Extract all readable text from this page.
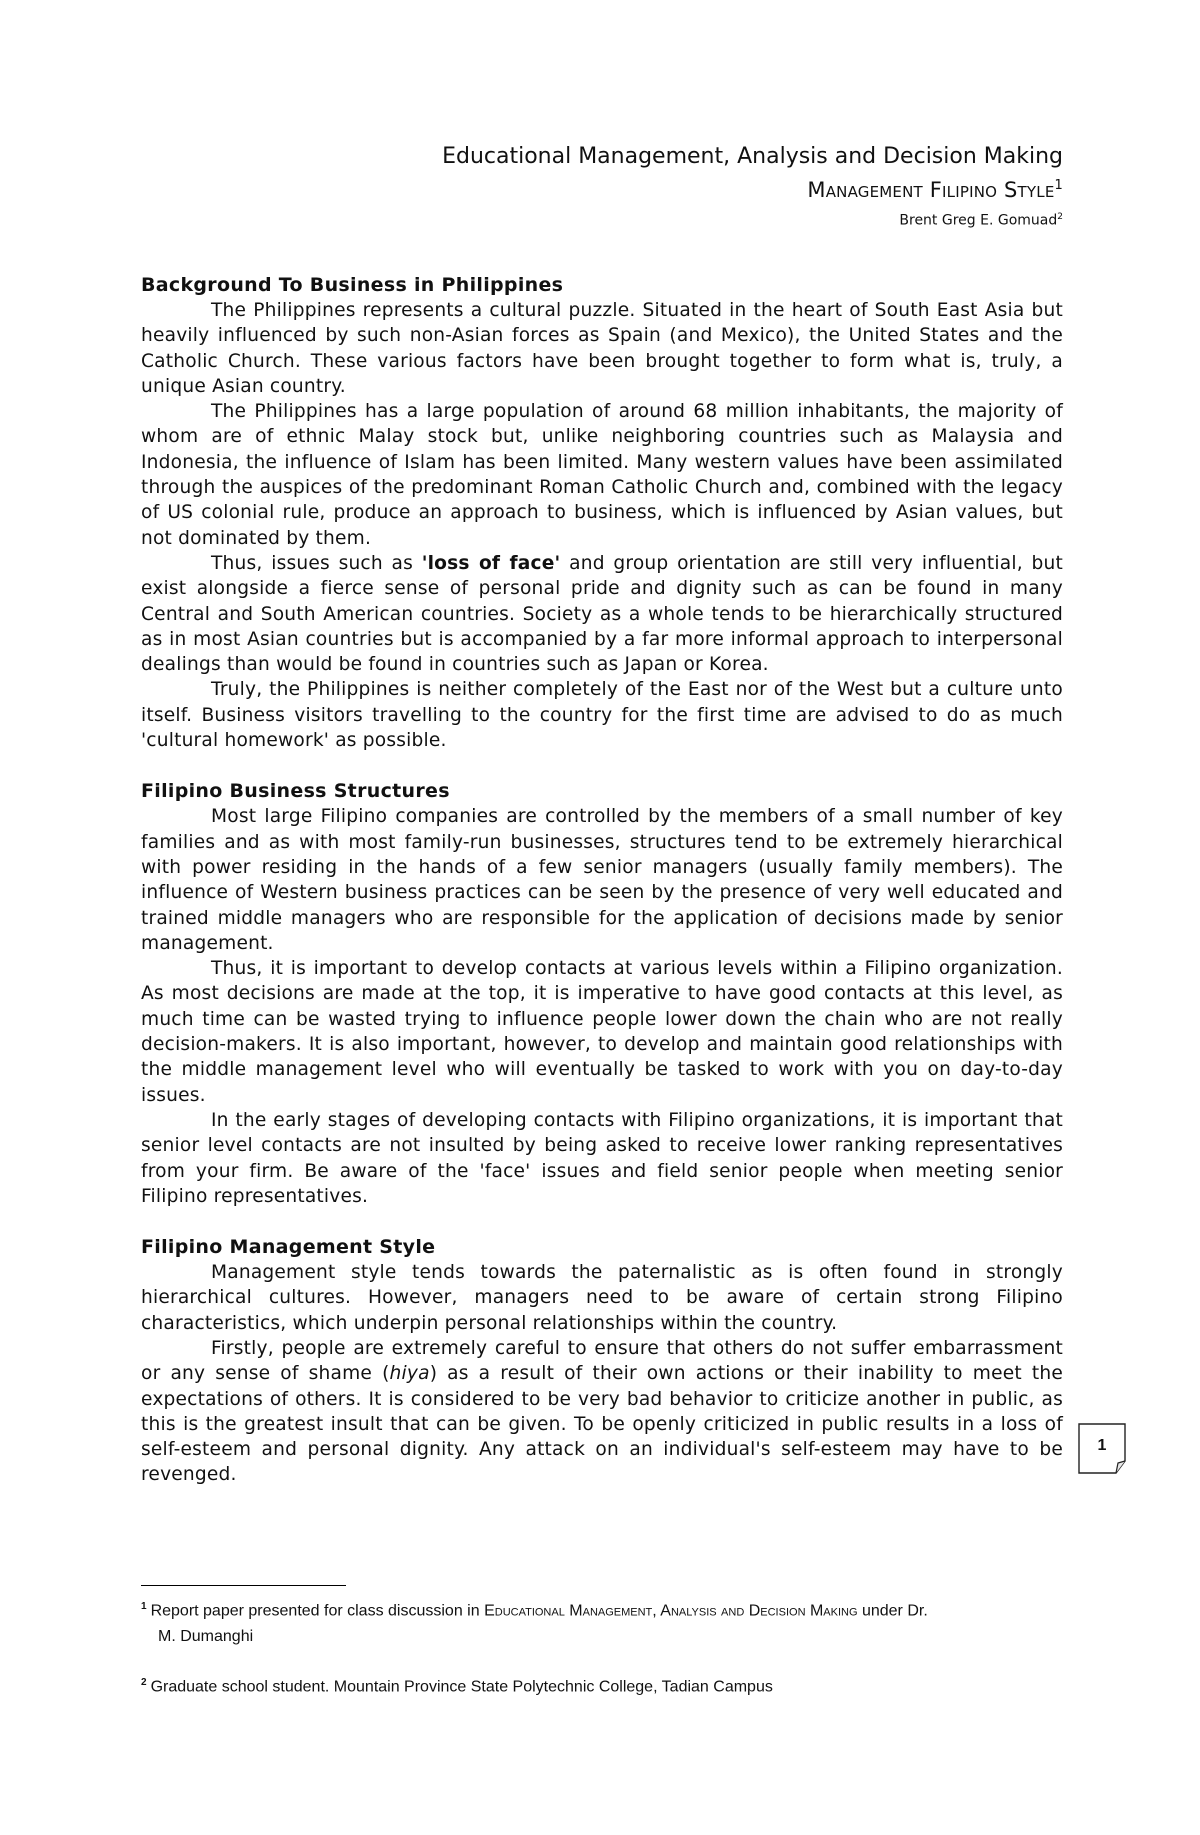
Educational Management, Analysis and Decision Making
Management Filipino Style$^1$
Brent Greg E. Gomuad$^2$
Background To Business in Philippines

The Philippines represents a cultural puzzle. Situated in the heart of South East Asia but heavily influenced by such non-Asian forces as Spain (and Mexico), the United States and the Catholic Church. These various factors have been brought together to form what is, truly, a unique Asian country.

The Philippines has a large population of around 68 million inhabitants, the majority of whom are of ethnic Malay stock but, unlike neighboring countries such as Malaysia and Indonesia, the influence of Islam has been limited. Many western values have been assimilated through the auspices of the predominant Roman Catholic Church and, combined with the legacy of US colonial rule, produce an approach to business, which is influenced by Asian values, but not dominated by them.

Thus, issues such as 'loss of face' and group orientation are still very influential, but exist alongside a fierce sense of personal pride and dignity such as can be found in many Central and South American countries. Society as a whole tends to be hierarchically structured as in most Asian countries but is accompanied by a far more informal approach to interpersonal dealings than would be found in countries such as Japan or Korea.

Truly, the Philippines is neither completely of the East nor of the West but a culture unto itself. Business visitors travelling to the country for the first time are advised to do as much 'cultural homework' as possible.

Filipino Business Structures

Most large Filipino companies are controlled by the members of a small number of key families and as with most family-run businesses, structures tend to be extremely hierarchical with power residing in the hands of a few senior managers (usually family members). The influence of Western business practices can be seen by the presence of very well educated and trained middle managers who are responsible for the application of decisions made by senior management.

Thus, it is important to develop contacts at various levels within a Filipino organization. As most decisions are made at the top, it is imperative to have good contacts at this level, as much time can be wasted trying to influence people lower down the chain who are not really decision-makers. It is also important, however, to develop and maintain good relationships with the middle management level who will eventually be tasked to work with you on day-to-day issues.

In the early stages of developing contacts with Filipino organizations, it is important that senior level contacts are not insulted by being asked to receive lower ranking representatives from your firm. Be aware of the 'face' issues and field senior people when meeting senior Filipino representatives.

Filipino Management Style

Management style tends towards the paternalistic as is often found in strongly hierarchical cultures. However, managers need to be aware of certain strong Filipino characteristics, which underpin personal relationships within the country.

Firstly, people are extremely careful to ensure that others do not suffer embarrassment or any sense of shame (hiya) as a result of their own actions or their inability to meet the expectations of others. It is considered to be very bad behavior to criticize another in public, as this is the greatest insult that can be given. To be openly criticized in public results in a loss of self-esteem and personal dignity. Any attack on an individual's self-esteem may have to be revenged.

1
$^1$ Report paper presented for class discussion in Educational Management, Analysis and Decision Making under Dr.
M. Dumanghi
$^2$ Graduate school student. Mountain Province State Polytechnic College, Tadian Campus
